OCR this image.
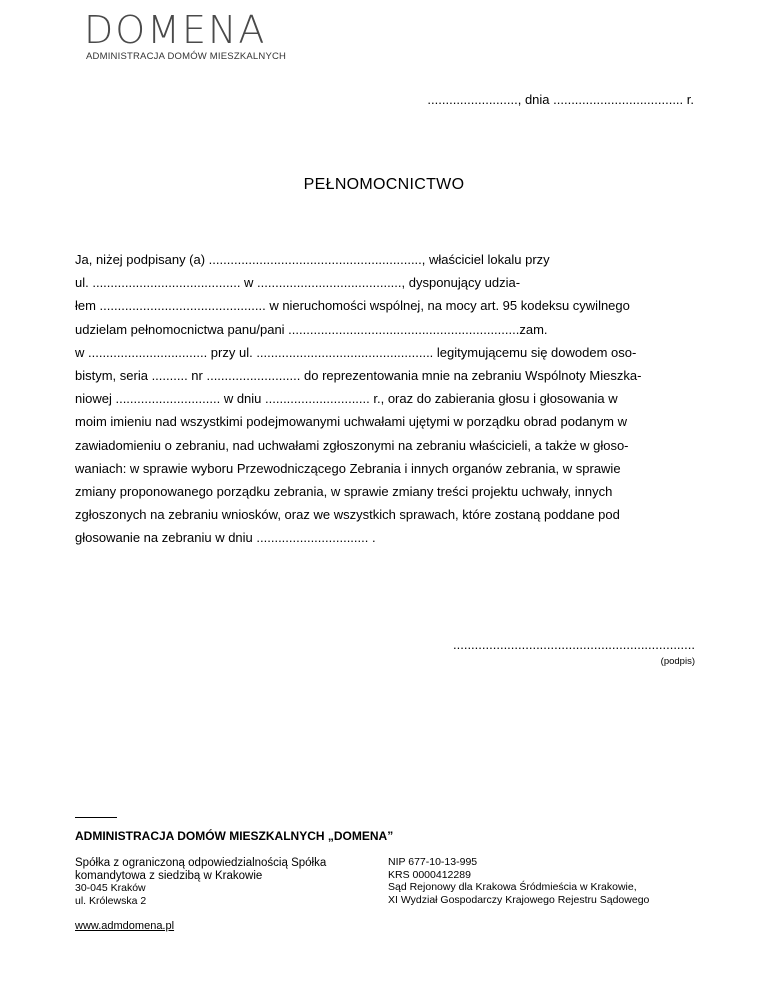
DOMENA
ADMINISTRACJA DOMÓW MIESZKALNYCH
........................., dnia .................................... r.
PEŁNOMOCNICTWO
Ja, niżej podpisany (a) ..........................................................., właściciel lokalu przy
ul. ......................................... w ........................................, dysponujący udzia-
łem .............................................. w nieruchomości wspólnej, na mocy art. 95 kodeksu cywilnego
udzielam pełnomocnictwa panu/pani ................................................................zam.
w ................................. przy ul. ................................................. legitymującemu się dowodem oso-
bistym, seria .......... nr .......................... do reprezentowania mnie na zebraniu Wspólnoty Mieszka-
niowej ............................. w dniu ............................. r., oraz do zabierania głosu i głosowania w
moim imieniu nad wszystkimi podejmowanymi uchwałami ujętymi w porządku obrad podanym w
zawiadomieniu o zebraniu, nad uchwałami zgłoszonymi na zebraniu właścicieli, a także w głoso-
waniach: w sprawie wyboru Przewodniczącego Zebrania i innych organów zebrania, w sprawie
zmiany proponowanego porządku zebrania, w sprawie zmiany treści projektu uchwały, innych
zgłoszonych na zebraniu wniosków, oraz we wszystkich sprawach, które zostaną poddane pod
głosowanie na zebraniu w dniu ............................... .
...................................................................
(podpis)
ADMINISTRACJA DOMÓW MIESZKALNYCH „DOMENA”
Spółka z ograniczoną odpowiedzialnością Spółka
komandytowa z siedzibą w Krakowie
30-045 Kraków
ul. Królewska 2
NIP 677-10-13-995
KRS 0000412289
Sąd Rejonowy dla Krakowa Śródmieścia w Krakowie,
XI Wydział Gospodarczy Krajowego Rejestru Sądowego
www.admdomena.pl
